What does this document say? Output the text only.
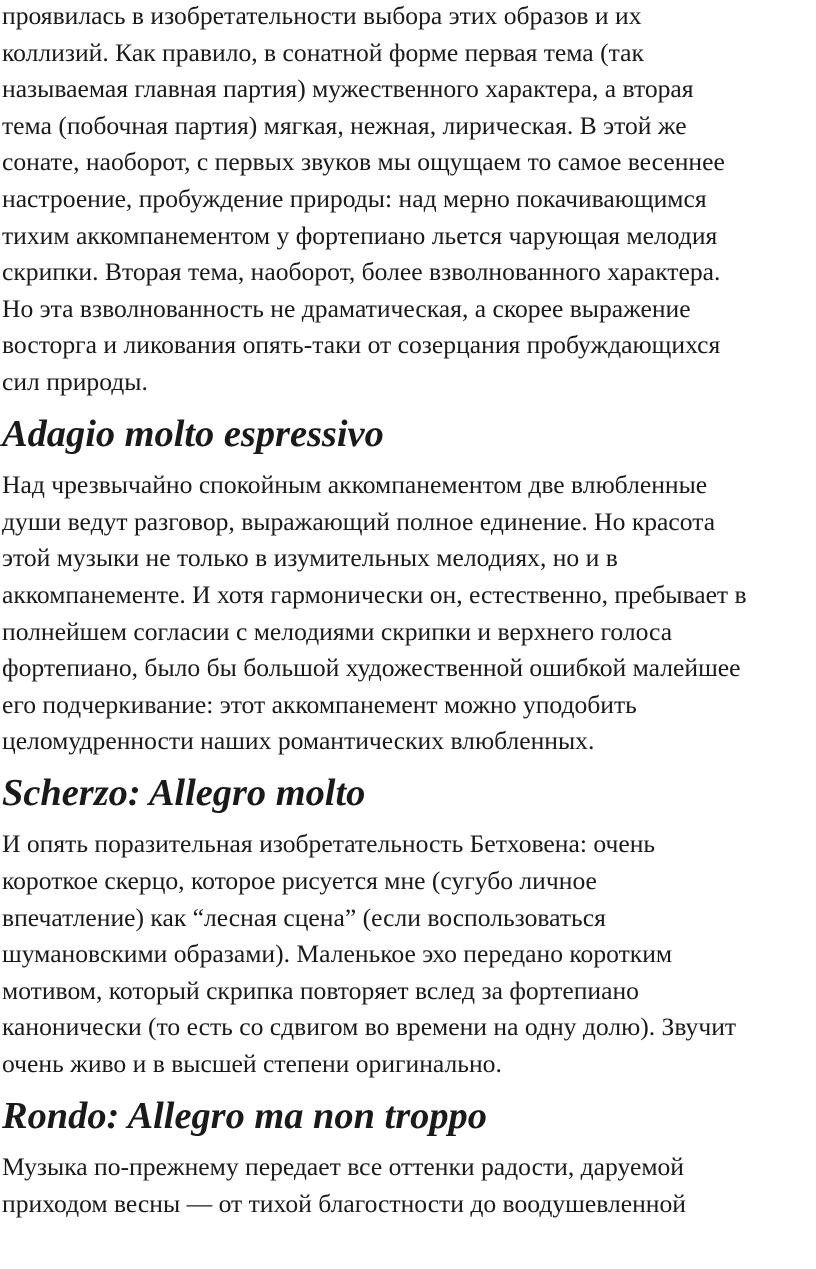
проявилась в изобретательности выбора этих образов и их
коллизий. Как правило, в сонатной форме первая тема (так
называемая главная партия) мужественного характера, а вторая
тема (побочная партия) мягкая, нежная, лирическая. В этой же
сонате, наоборот, с первых звуков мы ощущаем то самое весеннее
настроение, пробуждение природы: над мерно покачивающимся
тихим аккомпанементом у фортепиано льется чарующая мелодия
скрипки. Вторая тема, наоборот, более взволнованного характера.
Но эта взволнованность не драматическая, а скорее выражение
восторга и ликования опять-таки от созерцания пробуждающихся
сил природы.
Adagio molto espressivo
Над чрезвычайно спокойным аккомпанементом две влюбленные
души ведут разговор, выражающий полное единение. Но красота
этой музыки не только в изумительных мелодиях, но и в
аккомпанементе. И хотя гармонически он, естественно, пребывает в
полнейшем согласии с мелодиями скрипки и верхнего голоса
фортепиано, было бы большой художественной ошибкой малейшее
его подчеркивание: этот аккомпанемент можно уподобить
целомудренности наших романтических влюбленных.
Scherzo: Allegro molto
И опять поразительная изобретательность Бетховена: очень
короткое скерцо, которое рисуется мне (сугубо личное
впечатление) как “лесная сцена” (если воспользоваться
шумановскими образами). Маленькое эхо передано коротким
мотивом, который скрипка повторяет вслед за фортепиано
канонически (то есть со сдвигом во времени на одну долю). Звучит
очень живо и в высшей степени оригинально.
Rondo: Allegro ma non troppo
Музыка по-прежнему передает все оттенки радости, даруемой
приходом весны — от тихой благостности до воодушевленной
